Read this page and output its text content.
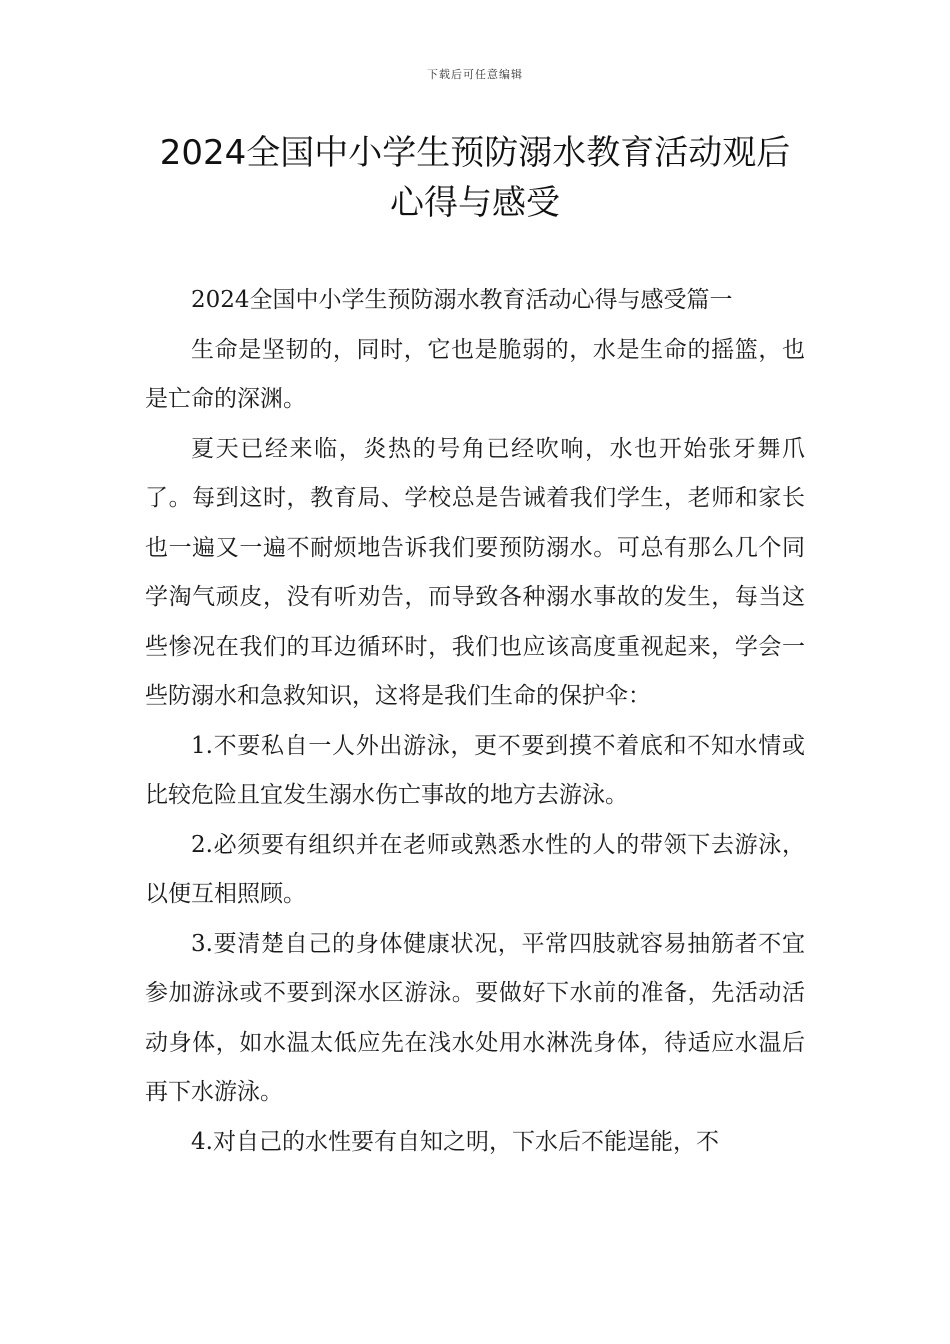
下载后可任意编辑
2024全国中小学生预防溺水教育活动观后
心得与感受

2024全国中小学生预防溺水教育活动心得与感受篇一

生命是坚韧的，同时，它也是脆弱的，水是生命的摇篮，也是亡命的深渊。

夏天已经来临，炎热的号角已经吹响，水也开始张牙舞爪了。每到这时，教育局、学校总是告诫着我们学生，老师和家长也一遍又一遍不耐烦地告诉我们要预防溺水。可总有那么几个同学淘气顽皮，没有听劝告，而导致各种溺水事故的发生，每当这些惨况在我们的耳边循环时，我们也应该高度重视起来，学会一些防溺水和急救知识，这将是我们生命的保护伞：

1.不要私自一人外出游泳，更不要到摸不着底和不知水情或比较危险且宜发生溺水伤亡事故的地方去游泳。

2.必须要有组织并在老师或熟悉水性的人的带领下去游泳，以便互相照顾。

3.要清楚自己的身体健康状况，平常四肢就容易抽筋者不宜参加游泳或不要到深水区游泳。要做好下水前的准备，先活动活动身体，如水温太低应先在浅水处用水淋洗身体，待适应水温后再下水游泳。

4.对自己的水性要有自知之明，下水后不能逞能，不
